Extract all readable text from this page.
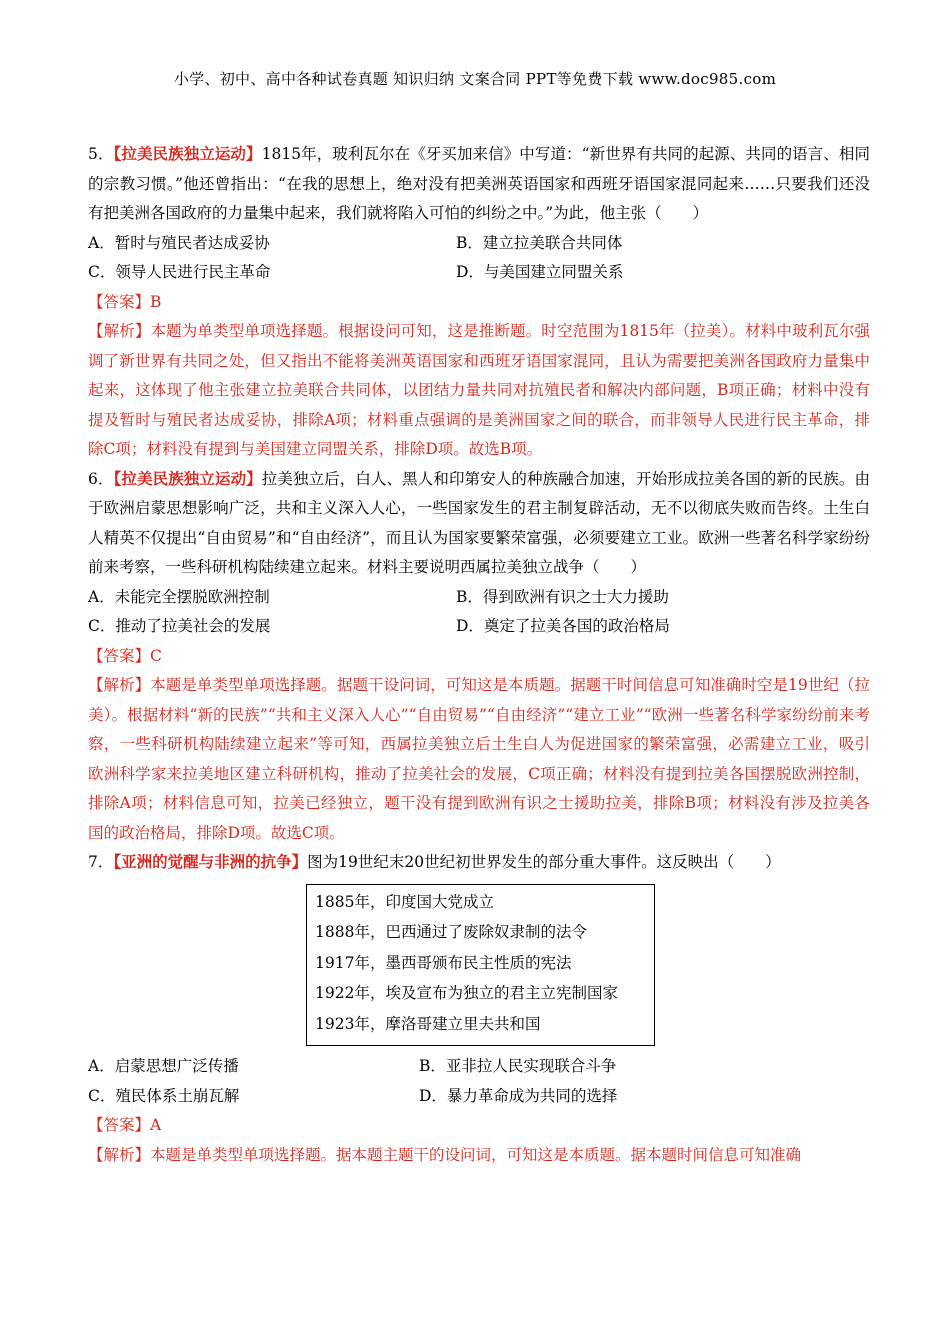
小学、初中、高中各种试卷真题 知识归纳 文案合同 PPT等免费下载 www.doc985.com

5．【拉美民族独立运动】1815年，玻利瓦尔在《牙买加来信》中写道：“新世界有共同的起源、共同的语言、相同的宗教习惯。”他还曾指出：“在我的思想上，绝对没有把美洲英语国家和西班牙语国家混同起来……只要我们还没有把美洲各国政府的力量集中起来，我们就将陷入可怕的纠纷之中。”为此，他主张（　　）

A．暂时与殖民者达成妥协	B．建立拉美联合共同体
C．领导人民进行民主革命	D．与美国建立同盟关系

【答案】B

【解析】本题为单类型单项选择题。根据设问可知，这是推断题。时空范围为1815年（拉美）。材料中玻利瓦尔强调了新世界有共同之处，但又指出不能将美洲英语国家和西班牙语国家混同，且认为需要把美洲各国政府力量集中起来，这体现了他主张建立拉美联合共同体，以团结力量共同对抗殖民者和解决内部问题，B项正确；材料中没有提及暂时与殖民者达成妥协，排除A项；材料重点强调的是美洲国家之间的联合，而非领导人民进行民主革命，排除C项；材料没有提到与美国建立同盟关系，排除D项。故选B项。

6．【拉美民族独立运动】拉美独立后，白人、黑人和印第安人的种族融合加速，开始形成拉美各国的新的民族。由于欧洲启蒙思想影响广泛，共和主义深入人心，一些国家发生的君主制复辟活动，无不以彻底失败而告终。土生白人精英不仅提出“自由贸易”和“自由经济”，而且认为国家要繁荣富强，必须要建立工业。欧洲一些著名科学家纷纷前来考察，一些科研机构陆续建立起来。材料主要说明西属拉美独立战争（　　）

A．未能完全摆脱欧洲控制	B．得到欧洲有识之士大力援助
C．推动了拉美社会的发展	D．奠定了拉美各国的政治格局

【答案】C

【解析】本题是单类型单项选择题。据题干设问词，可知这是本质题。据题干时间信息可知准确时空是19世纪（拉美）。根据材料“新的民族”“共和主义深入人心”“自由贸易”“自由经济”“建立工业”“欧洲一些著名科学家纷纷前来考察，一些科研机构陆续建立起来”等可知，西属拉美独立后土生白人为促进国家的繁荣富强，必需建立工业，吸引欧洲科学家来拉美地区建立科研机构，推动了拉美社会的发展，C项正确；材料没有提到拉美各国摆脱欧洲控制，排除A项；材料信息可知，拉美已经独立，题干没有提到欧洲有识之士援助拉美，排除B项；材料没有涉及拉美各国的政治格局，排除D项。故选C项。

7．【亚洲的觉醒与非洲的抗争】图为19世纪末20世纪初世界发生的部分重大事件。这反映出（　　）

1885年，印度国大党成立
1888年，巴西通过了废除奴隶制的法令
1917年，墨西哥颁布民主性质的宪法
1922年，埃及宣布为独立的君主立宪制国家
1923年，摩洛哥建立里夫共和国
A．启蒙思想广泛传播	B．亚非拉人民实现联合斗争
C．殖民体系土崩瓦解	D．暴力革命成为共同的选择

【答案】A

【解析】本题是单类型单项选择题。据本题主题干的设问词，可知这是本质题。据本题时间信息可知准确
